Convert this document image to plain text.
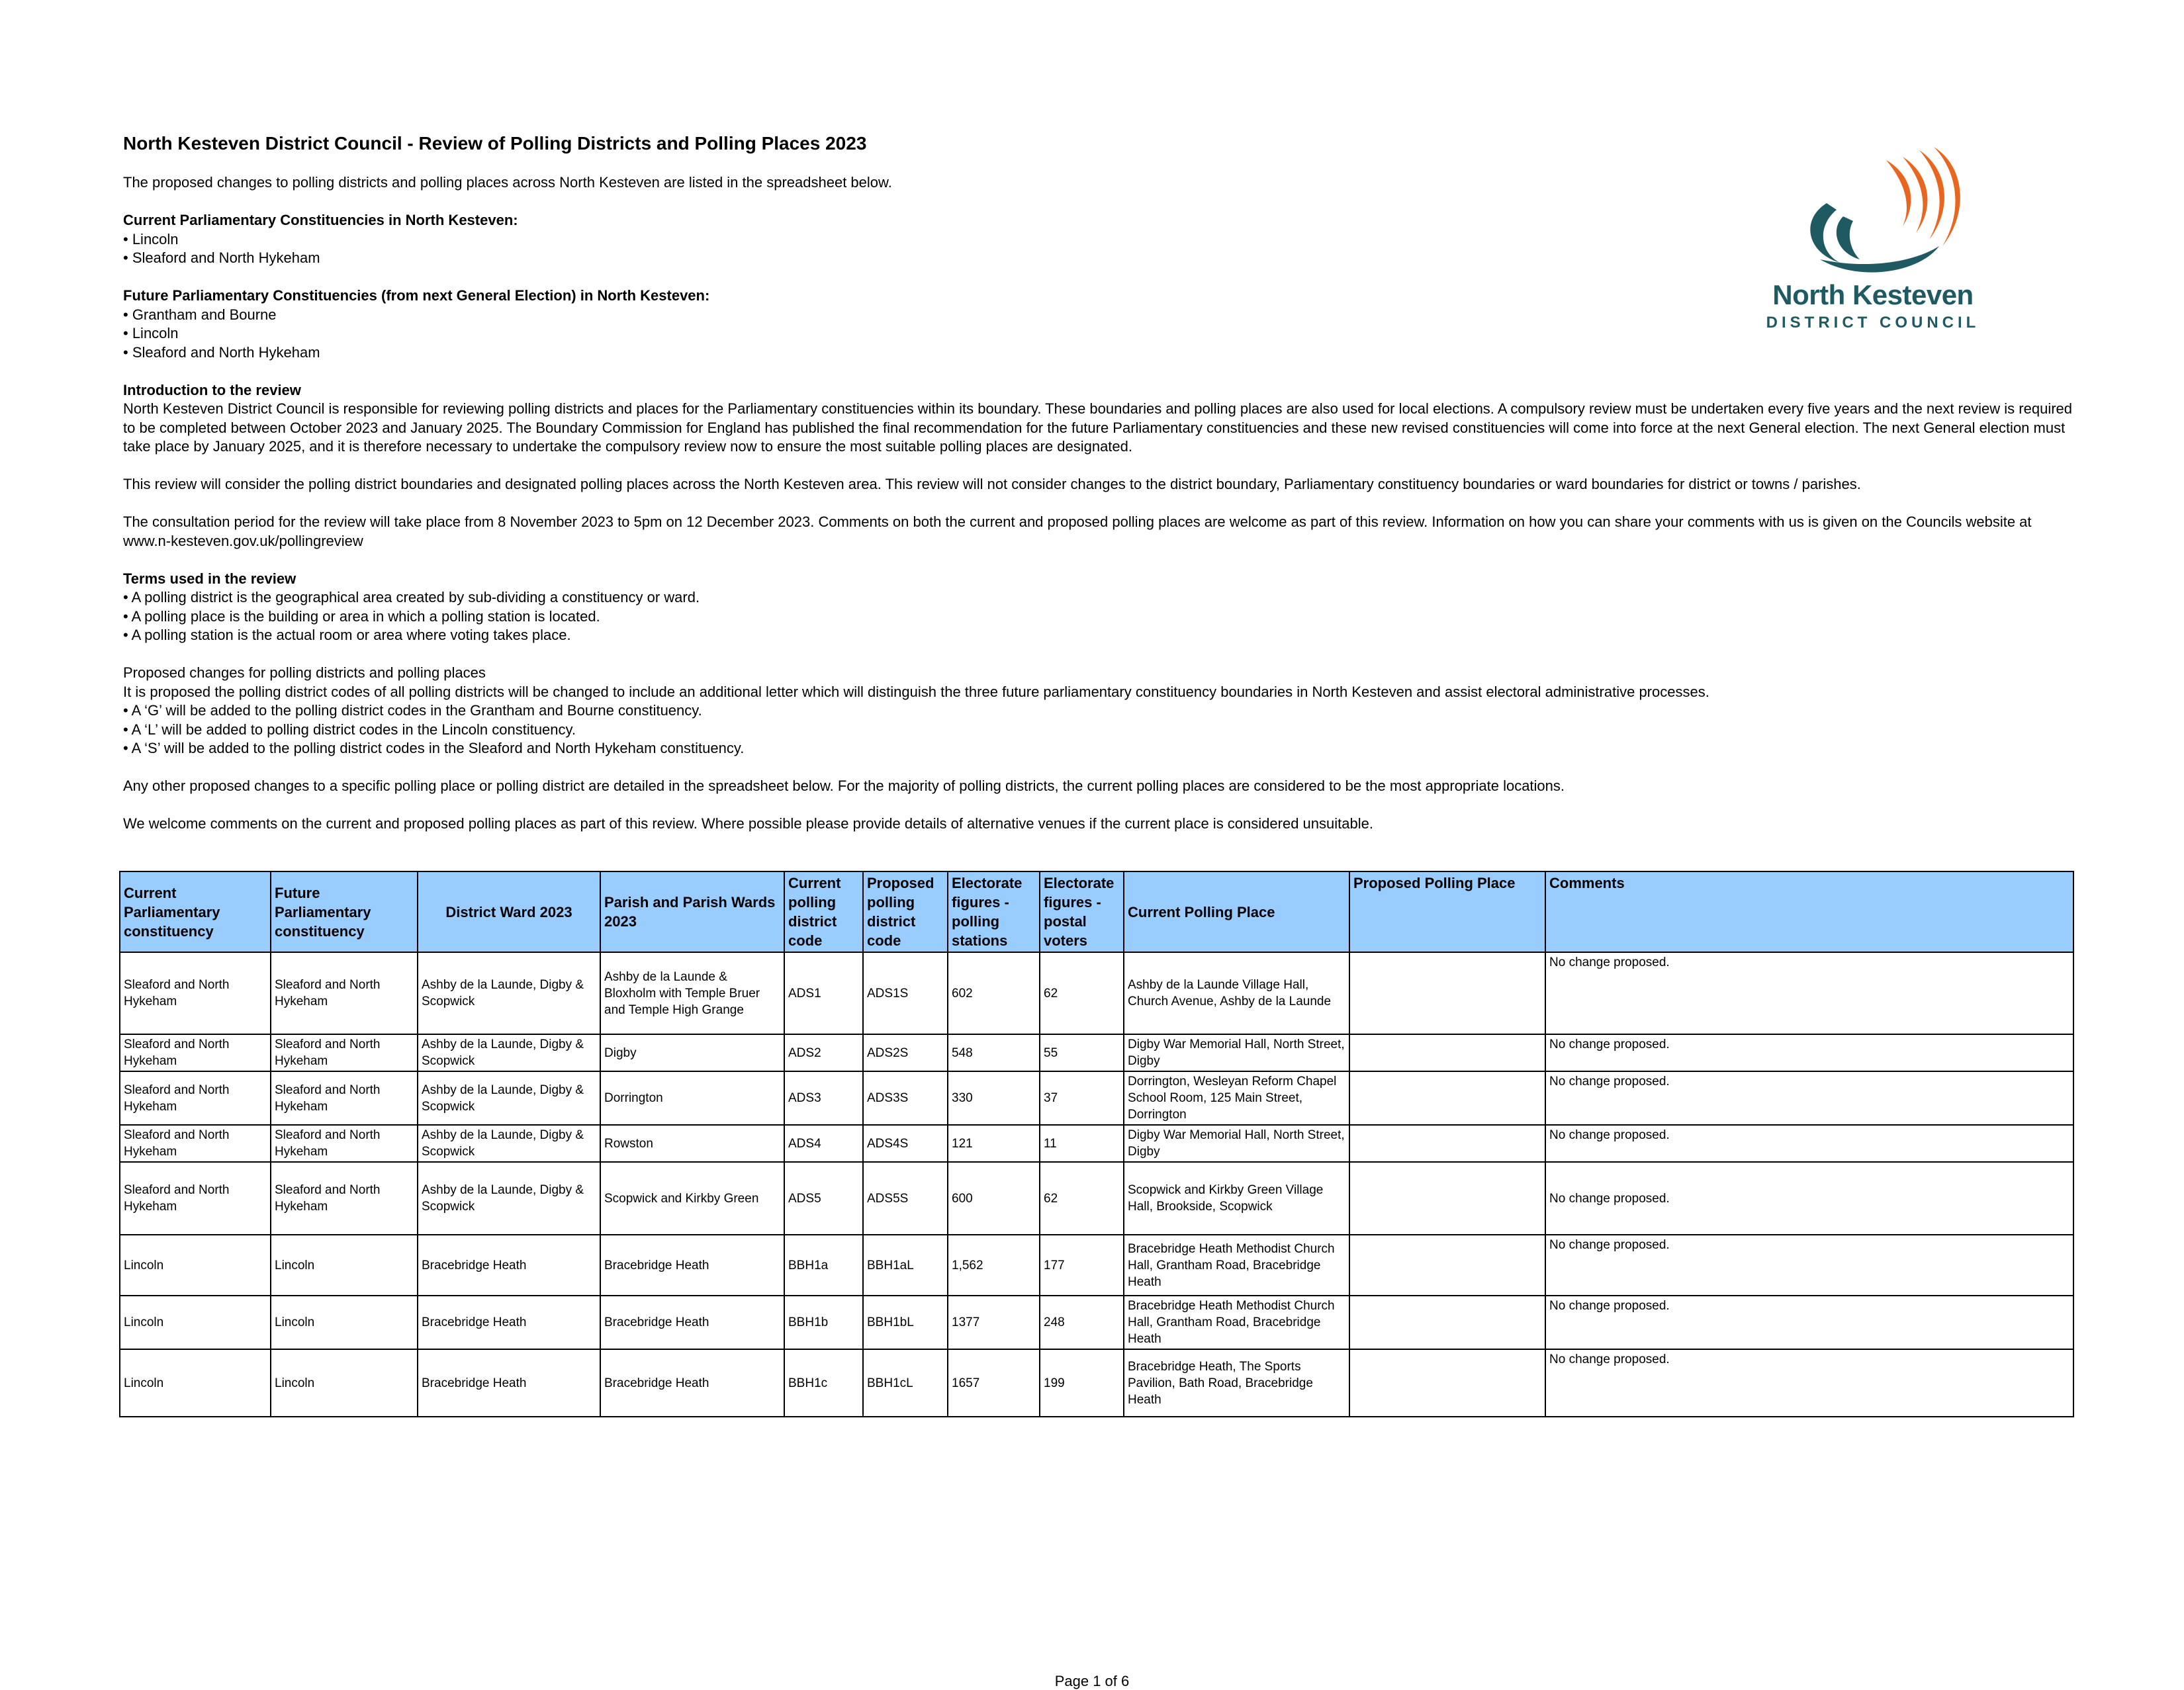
North Kesteven District Council - Review of Polling Districts and Polling Places 2023
The proposed changes to polling districts and polling places across North Kesteven are listed in the spreadsheet below.
Current Parliamentary Constituencies in North Kesteven:
• Lincoln
• Sleaford and North Hykeham
Future Parliamentary Constituencies (from next General Election) in North Kesteven:
• Grantham and Bourne
• Lincoln
• Sleaford and North Hykeham
Introduction to the review
North Kesteven District Council is responsible for reviewing polling districts and places for the Parliamentary constituencies within its boundary. These boundaries and polling places are also used for local elections. A compulsory review must be undertaken every five years and the next review is required to be completed between October 2023 and January 2025. The Boundary Commission for England has published the final recommendation for the future Parliamentary constituencies and these new revised constituencies will come into force at the next General election. The next General election must take place by January 2025, and it is therefore necessary to undertake the compulsory review now to ensure the most suitable polling places are designated.
This review will consider the polling district boundaries and designated polling places across the North Kesteven area. This review will not consider changes to the district boundary, Parliamentary constituency boundaries or ward boundaries for district or towns / parishes.
The consultation period for the review will take place from 8 November 2023 to 5pm on 12 December 2023. Comments on both the current and proposed polling places are welcome as part of this review. Information on how you can share your comments with us is given on the Councils website at www.n-kesteven.gov.uk/pollingreview
Terms used in the review
• A polling district is the geographical area created by sub-dividing a constituency or ward.
• A polling place is the building or area in which a polling station is located.
• A polling station is the actual room or area where voting takes place.
Proposed changes for polling districts and polling places
It is proposed the polling district codes of all polling districts will be changed to include an additional letter which will distinguish the three future parliamentary constituency boundaries in North Kesteven and assist electoral administrative processes.
• A ‘G’ will be added to the polling district codes in the Grantham and Bourne constituency.
• A ‘L’ will be added to polling district codes in the Lincoln constituency.
• A ‘S’ will be added to the polling district codes in the Sleaford and North Hykeham constituency.
Any other proposed changes to a specific polling place or polling district are detailed in the spreadsheet below. For the majority of polling districts, the current polling places are considered to be the most appropriate locations.
We welcome comments on the current and proposed polling places as part of this review. Where possible please provide details of alternative venues if the current place is considered unsuitable.
North Kesteven
DISTRICT COUNCIL
Current Parliamentary constituency	Future Parliamentary constituency	District Ward 2023	Parish and Parish Wards 2023	Current polling district code	Proposed polling district code	Electorate figures - polling stations	Electorate figures - postal voters	Current Polling Place	Proposed Polling Place	Comments
Sleaford and North Hykeham	Sleaford and North Hykeham	Ashby de la Launde, Digby & Scopwick	Ashby de la Launde & Bloxholm with Temple Bruer and Temple High Grange	ADS1	ADS1S	602	62	Ashby de la Launde Village Hall, Church Avenue, Ashby de la Launde		No change proposed.
Sleaford and North Hykeham	Sleaford and North Hykeham	Ashby de la Launde, Digby & Scopwick	Digby	ADS2	ADS2S	548	55	Digby War Memorial Hall, North Street, Digby		No change proposed.
Sleaford and North Hykeham	Sleaford and North Hykeham	Ashby de la Launde, Digby & Scopwick	Dorrington	ADS3	ADS3S	330	37	Dorrington, Wesleyan Reform Chapel School Room, 125 Main Street, Dorrington		No change proposed.
Sleaford and North Hykeham	Sleaford and North Hykeham	Ashby de la Launde, Digby & Scopwick	Rowston	ADS4	ADS4S	121	11	Digby War Memorial Hall, North Street, Digby		No change proposed.
Sleaford and North Hykeham	Sleaford and North Hykeham	Ashby de la Launde, Digby & Scopwick	Scopwick and Kirkby Green	ADS5	ADS5S	600	62	Scopwick and Kirkby Green Village Hall, Brookside, Scopwick		No change proposed.
Lincoln	Lincoln	Bracebridge Heath	Bracebridge Heath	BBH1a	BBH1aL	1,562	177	Bracebridge Heath Methodist Church Hall, Grantham Road, Bracebridge Heath		No change proposed.
Lincoln	Lincoln	Bracebridge Heath	Bracebridge Heath	BBH1b	BBH1bL	1377	248	Bracebridge Heath Methodist Church Hall, Grantham Road, Bracebridge Heath		No change proposed.
Lincoln	Lincoln	Bracebridge Heath	Bracebridge Heath	BBH1c	BBH1cL	1657	199	Bracebridge Heath, The Sports Pavilion, Bath Road, Bracebridge Heath		No change proposed.
Page 1 of 6
